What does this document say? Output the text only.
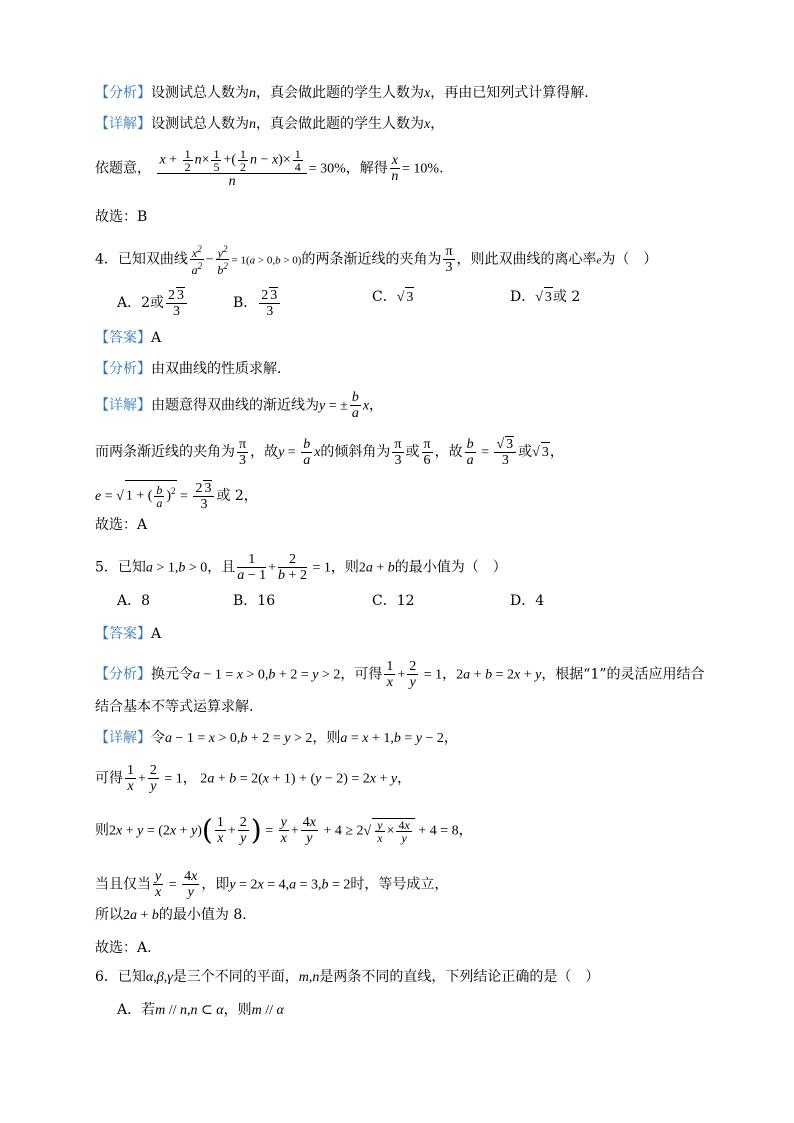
【分析】设测试总人数为n，真会做此题的学生人数为x，再由已知列式计算得解.
【详解】设测试总人数为n，真会做此题的学生人数为x，
依题意， $\frac{x + \frac{1}{2} n\times \frac{1}{5} +( \frac{1}{2} n - x)\times \frac{1}{4}}{n} = 30\%$，解得 $\frac{x}{n} = 10\%$.
故选：B
4．已知双曲线 $\frac{x^2}{a^2} - \frac{y^2}{b^2} = 1(a > 0,b > 0)$的两条渐近线的夹角为 $\frac{\pi}{3}$ ，则此双曲线的离心率e为（　）
A．2或 $\frac{2 3}{3}$	B． $\frac{2 3}{3}$	C．√ 3	D．√ 3或 2
【答案】A
【分析】由双曲线的性质求解．
【详解】由题意得双曲线的渐近线为y = ± $\frac{b}{a}$ x，
而两条渐近线的夹角为 $\frac{\pi}{3}$ ，故$y = \frac{b}{a}$ x的倾斜角为 $\frac{\pi}{3}$ 或 $\frac{\pi}{6}$ ，故 $\frac{b}{a} = \frac{√ 3}{3}$ 或√ 3，
e = √ 1 + ( $\frac{b}{a} )^2 = \frac{2 3}{3}$ 或 2，
故选：A
5．已知a > 1,b > 0，且 $\frac{1}{a - 1} + \frac{2}{b + 2} = 1$，则2a + b的最小值为（　）
A．8	B．16	C．12	D．4
【答案】A
【分析】换元令a − 1 = x > 0,b + 2 = y > 2，可得 $\frac{1}{x} + \frac{2}{y} = 1$，2a + b = 2x + y，根据“1”的灵活应用结合
结合基本不等式运算求解.
【详解】令a − 1 = x > 0,b + 2 = y > 2，则a = x + 1,b = y − 2，
可得 $\frac{1}{x} + \frac{2}{y} = 1$， 2a + b = 2(x + 1) + (y − 2) = 2x + y，
则$2x + y = (2x + y)( \frac{1}{x} + \frac{2}{y}$ ) = $\frac{y}{x} + \frac{4x}{y} + 4 \ge 2√ \frac{y}{x} \times \frac{4x}{y} + 4 = 8$，
当且仅当 $\frac{y}{x} = \frac{4x}{y}$ ，即y = 2x = 4,a = 3,b = 2时，等号成立，
所以2a + b的最小值为 8.
故选：A.
6．已知α,β,γ是三个不同的平面，m,n是两条不同的直线，下列结论正确的是（　）
A．若m // n,n ⊂ α，则m // α
